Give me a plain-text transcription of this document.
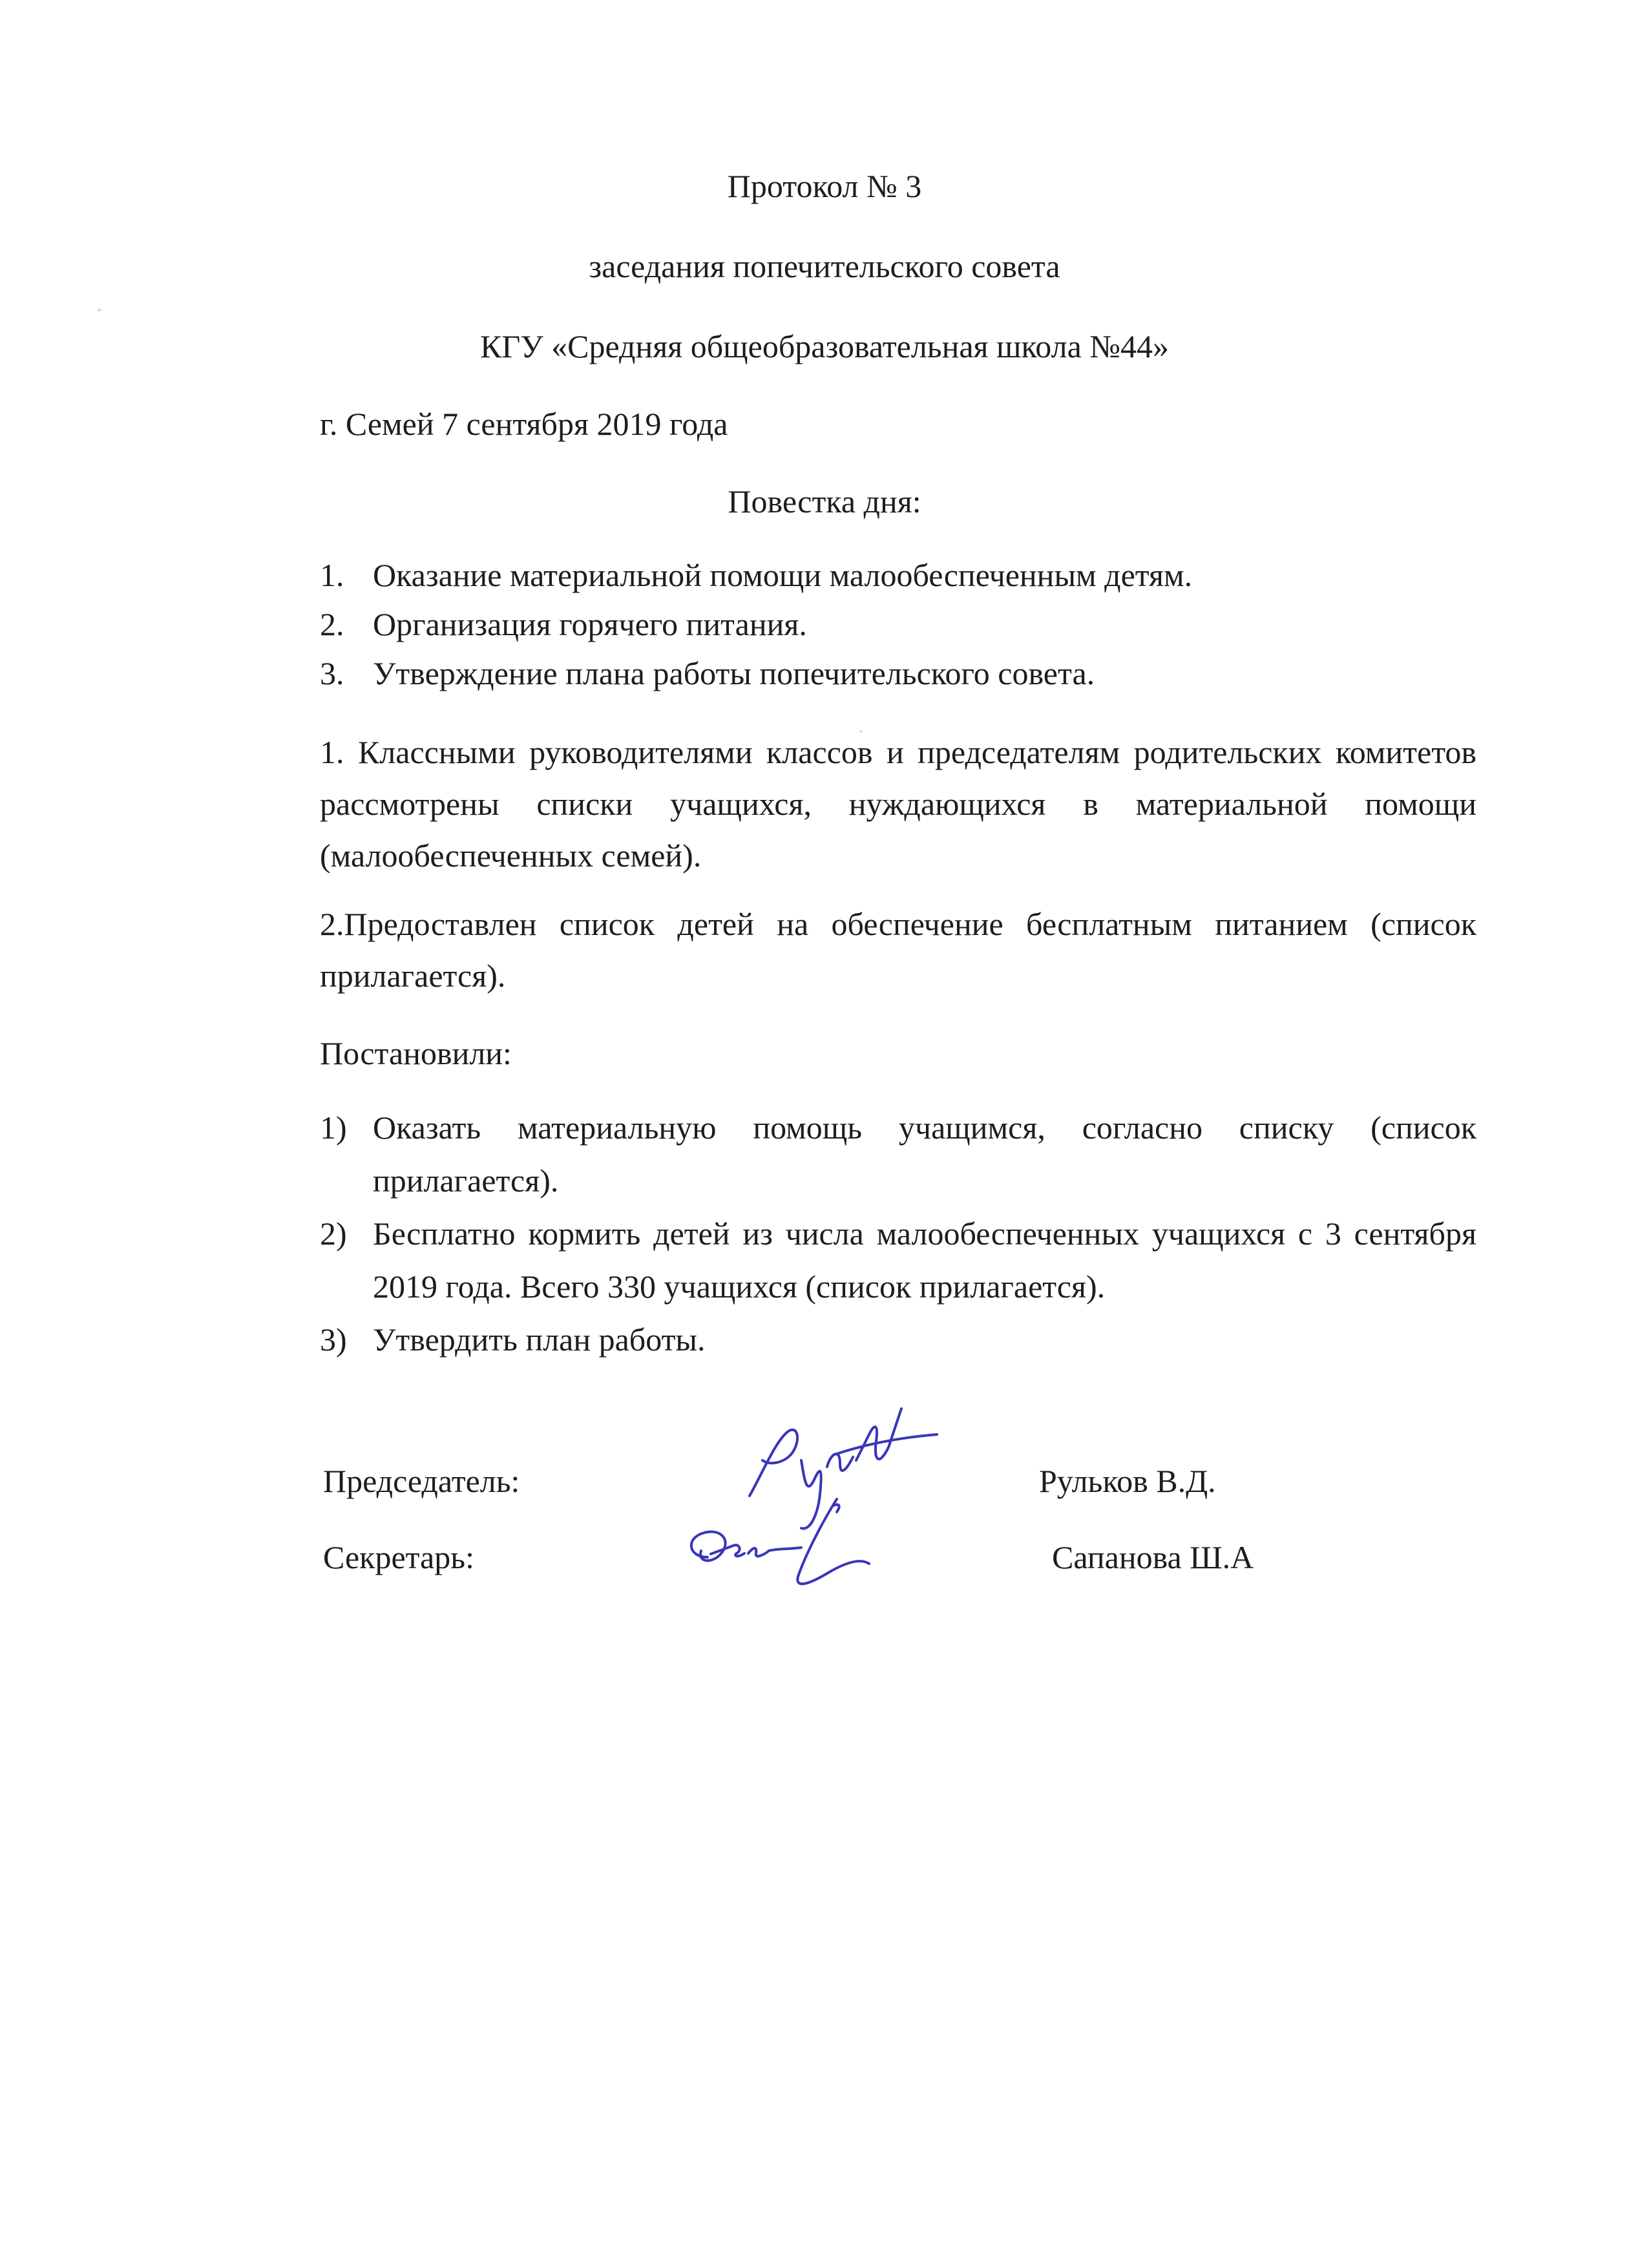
Протокол № 3
заседания попечительского совета
КГУ «Средняя общеобразовательная школа №44»
г. Семей 7 сентября 2019 года
Повестка дня:
1. Оказание материальной помощи малообеспеченным детям.
2. Организация горячего питания.
3. Утверждение плана работы попечительского совета.

1. Классными руководителями классов и председателям родительских комитетов рассмотрены списки учащихся, нуждающихся в материальной помощи (малообеспеченных семей).

2.Предоставлен список детей на обеспечение бесплатным питанием (список прилагается).

Постановили:
1) Оказать материальную помощь учащимся, согласно списку (список прилагается).
2) Бесплатно кормить детей из числа малообеспеченных учащихся с 3 сентября 2019 года. Всего 330 учащихся (список прилагается).
3) Утвердить план работы.
Председатель:	Рульков В.Д.
Секретарь:	Сапанова Ш.А
